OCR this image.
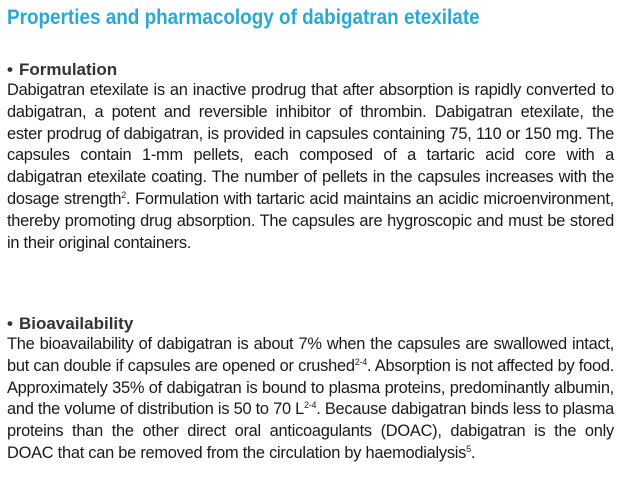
Properties and pharmacology of dabigatran etexilate
• Formulation

Dabigatran etexilate is an inactive prodrug that after absorption is rapidly converted to dabigatran, a potent and reversible inhibitor of thrombin. Dabigatran etexilate, the ester prodrug of dabigatran, is provided in capsules containing 75, 110 or 150 mg. The capsules contain 1-mm pellets, each composed of a tartaric acid core with a dabigatran etexilate coating. The number of pellets in the capsules increases with the dosage strength$^2$. Formulation with tartaric acid maintains an acidic microenvironment, thereby promoting drug absorption. The capsules are hygroscopic and must be stored in their original containers.

• Bioavailability

The bioavailability of dabigatran is about 7% when the capsules are swallowed intact, but can double if capsules are opened or crushed$^{2-4}$. Absorption is not affected by food. Approximately 35% of dabigatran is bound to plasma proteins, predominantly albumin, and the volume of distribution is 50 to 70 $L^{2-4}$. Because dabigatran binds less to plasma proteins than the other direct oral anticoagulants (DOAC), dabigatran is the only DOAC that can be removed from the circulation by haemodialysis$^5$.
